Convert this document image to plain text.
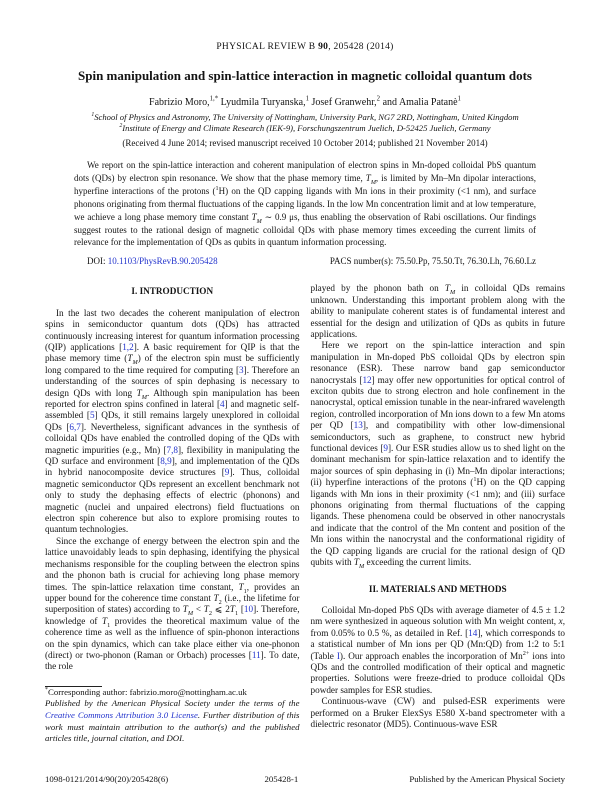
PHYSICAL REVIEW B 90, 205428 (2014)
Spin manipulation and spin-lattice interaction in magnetic colloidal quantum dots
Fabrizio Moro,$^{1,*}$ Lyudmila Turyanska,$^1$ Josef Granwehr,$^2$ and Amalia Patanè$^1$
$^1$School of Physics and Astronomy, The University of Nottingham, University Park, NG7 2RD, Nottingham, United Kingdom
$^2$Institute of Energy and Climate Research (IEK-9), Forschungszentrum Juelich, D-52425 Juelich, Germany
(Received 4 June 2014; revised manuscript received 10 October 2014; published 21 November 2014)
We report on the spin-lattice interaction and coherent manipulation of electron spins in Mn-doped colloidal PbS quantum dots (QDs) by electron spin resonance. We show that the phase memory time, $T_M$, is limited by Mn–Mn dipolar interactions, hyperfine interactions of the protons ($^1$H) on the QD capping ligands with Mn ions in their proximity (<1 nm), and surface phonons originating from thermal fluctuations of the capping ligands. In the low Mn concentration limit and at low temperature, we achieve a long phase memory time constant $T_M$ ∼ 0.9 μs, thus enabling the observation of Rabi oscillations. Our findings suggest routes to the rational design of magnetic colloidal QDs with phase memory times exceeding the current limits of relevance for the implementation of QDs as qubits in quantum information processing.
DOI: 10.1103/PhysRevB.90.205428	PACS number(s): 75.50.Pp, 75.50.Tt, 76.30.Lh, 76.60.Lz
I. INTRODUCTION

In the last two decades the coherent manipulation of electron spins in semiconductor quantum dots (QDs) has attracted continuously increasing interest for quantum information processing (QIP) applications [1,2]. A basic requirement for QIP is that the phase memory time $(T_M)$ of the electron spin must be sufficiently long compared to the time required for computing [3]. Therefore an understanding of the sources of spin dephasing is necessary to design QDs with long $T_M$. Although spin manipulation has been reported for electron spins confined in lateral [4] and magnetic self-assembled [5] QDs, it still remains largely unexplored in colloidal QDs [6,7]. Nevertheless, significant advances in the synthesis of colloidal QDs have enabled the controlled doping of the QDs with magnetic impurities (e.g., Mn) [7,8], flexibility in manipulating the QD surface and environment [8,9], and implementation of the QDs in hybrid nanocomposite device structures [9]. Thus, colloidal magnetic semiconductor QDs represent an excellent benchmark not only to study the dephasing effects of electric (phonons) and magnetic (nuclei and unpaired electrons) field fluctuations on electron spin coherence but also to explore promising routes to quantum technologies.

Since the exchange of energy between the electron spin and the lattice unavoidably leads to spin dephasing, identifying the physical mechanisms responsible for the coupling between the electron spins and the phonon bath is crucial for achieving long phase memory times. The spin-lattice relaxation time constant, $T_1$, provides an upper bound for the coherence time constant $T_2$ (i.e., the lifetime for superposition of states) according to $T_M < T_2$ ⩽ $2T_1$ [10]. Therefore, knowledge of $T_1$ provides the theoretical maximum value of the coherence time as well as the influence of spin-phonon interactions on the spin dynamics, which can take place either via one-phonon (direct) or two-phonon (Raman or Orbach) processes [11]. To date, the role

*Corresponding author: fabrizio.moro@nottingham.ac.uk

Published by the American Physical Society under the terms of the Creative Commons Attribution 3.0 License. Further distribution of this work must maintain attribution to the author(s) and the published articles title, journal citation, and DOI.

played by the phonon bath on $T_M$ in colloidal QDs remains unknown. Understanding this important problem along with the ability to manipulate coherent states is of fundamental interest and essential for the design and utilization of QDs as qubits in future applications.

Here we report on the spin-lattice interaction and spin manipulation in Mn-doped PbS colloidal QDs by electron spin resonance (ESR). These narrow band gap semiconductor nanocrystals [12] may offer new opportunities for optical control of exciton qubits due to strong electron and hole confinement in the nanocrystal, optical emission tunable in the near-infrared wavelength region, controlled incorporation of Mn ions down to a few Mn atoms per QD [13], and compatibility with other low-dimensional semiconductors, such as graphene, to construct new hybrid functional devices [9]. Our ESR studies allow us to shed light on the dominant mechanism for spin-lattice relaxation and to identify the major sources of spin dephasing in (i) Mn–Mn dipolar interactions; (ii) hyperfine interactions of the protons ($^1$H) on the QD capping ligands with Mn ions in their proximity (<1 nm); and (iii) surface phonons originating from thermal fluctuations of the capping ligands. These phenomena could be observed in other nanocrystals and indicate that the control of the Mn content and position of the Mn ions within the nanocrystal and the conformational rigidity of the QD capping ligands are crucial for the rational design of QD qubits with $T_M$ exceeding the current limits.

II. MATERIALS AND METHODS

Colloidal Mn-doped PbS QDs with average diameter of 4.5 ± 1.2 nm were synthesized in aqueous solution with Mn weight content, x, from 0.05% to 0.5 %, as detailed in Ref. [14], which corresponds to a statistical number of Mn ions per QD (Mn:QD) from 1:2 to 5:1 (Table I). Our approach enables the incorporation of $Mn^{2+}$ ions into QDs and the controlled modification of their optical and magnetic properties. Solutions were freeze-dried to produce colloidal QDs powder samples for ESR studies.

Continuous-wave (CW) and pulsed-ESR experiments were performed on a Bruker ElexSys E580 X-band spectrometer with a dielectric resonator (MD5). Continuous-wave ESR

1098-0121/2014/90(20)/205428(6)	205428-1	Published by the American Physical Society
